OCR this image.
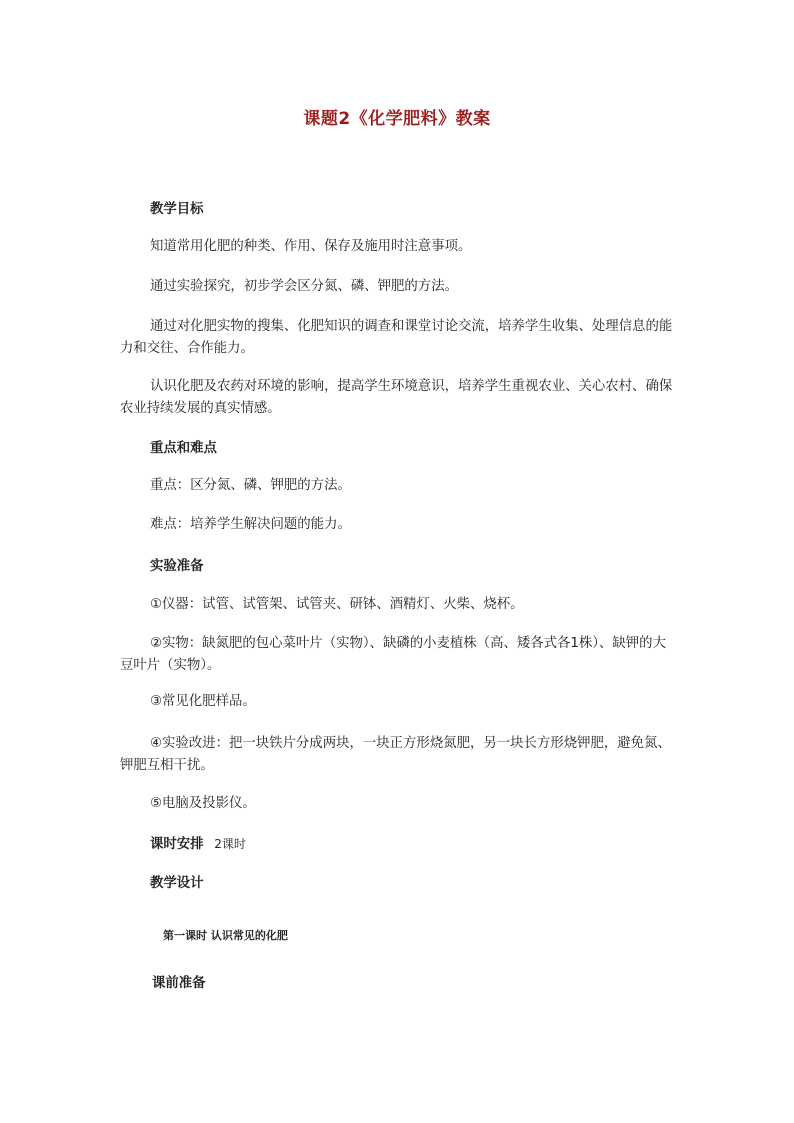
课题2《化学肥料》教案
教学目标
知道常用化肥的种类、作用、保存及施用时注意事项。
通过实验探究，初步学会区分氮、磷、钾肥的方法。
通过对化肥实物的搜集、化肥知识的调查和课堂讨论交流，培养学生收集、处理信息的能力和交往、合作能力。
认识化肥及农药对环境的影响，提高学生环境意识，培养学生重视农业、关心农村、确保农业持续发展的真实情感。
重点和难点
重点：区分氮、磷、钾肥的方法。
难点：培养学生解决问题的能力。
实验准备
①仪器：试管、试管架、试管夹、研钵、酒精灯、火柴、烧杯。
②实物：缺氮肥的包心菜叶片（实物）、缺磷的小麦植株（高、矮各式各1株）、缺钾的大豆叶片（实物）。
③常见化肥样品。
④实验改进：把一块铁片分成两块，一块正方形烧氮肥，另一块长方形烧钾肥，避免氮、钾肥互相干扰。
⑤电脑及投影仪。
课时安排 2课时
教学设计
第一课时 认识常见的化肥
课前准备
